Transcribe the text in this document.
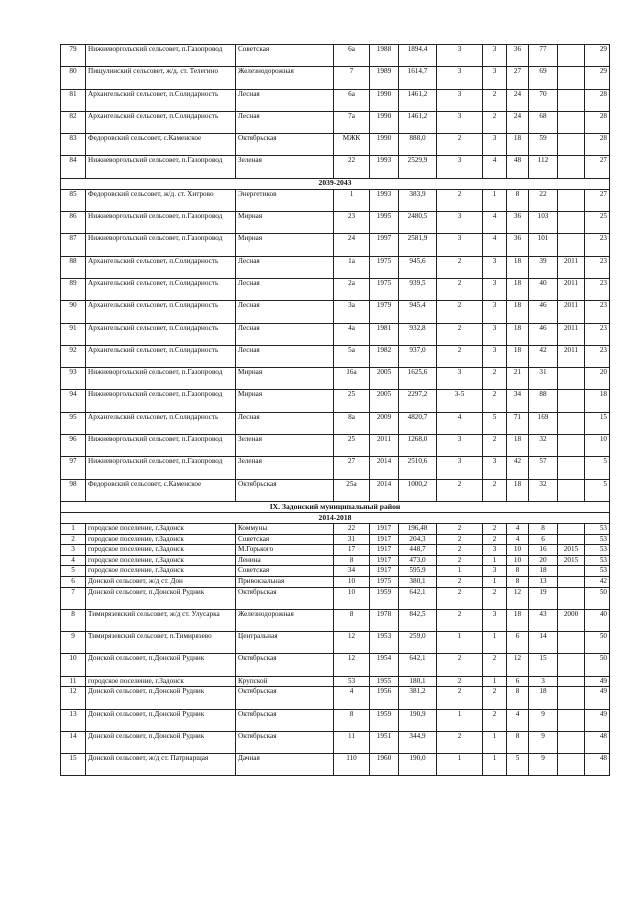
79	Нижневоргольский сельсовет, п.Газопровод	Советская	6а	1988	1894,4	3	3	36	77		29
80	Пищулинский сельсовет, ж/д. ст. Телегино	Железнодорожная	7	1989	1614,7	3	3	27	69		29
81	Архангельский сельсовет, п.Солидарность	Лесная	6а	1990	1461,2	3	2	24	70		28
82	Архангельский сельсовет, п.Солидарность	Лесная	7а	1990	1461,2	3	2	24	68		28
83	Федоровский сельсовет, с.Каменское	Октябрьская	МЖК	1990	888,0	2	3	18	59		28
84	Нижневоргольский сельсовет, п.Газопровод	Зеленая	22	1993	2529,9	3	4	48	112		27
2039-2043											
85	Федоровский сельсовет, ж/д. ст. Хитрово	Энергетиков	1	1993	383,9	2	1	8	22		27
86	Нижневоргольский сельсовет, п.Газопровод	Мирная	23	1995	2480,5	3	4	36	103		25
87	Нижневоргольский сельсовет, п.Газопровод	Мирная	24	1997	2581,9	3	4	36	101		23
88	Архангельский сельсовет, п.Солидарность	Лесная	1а	1975	945,6	2	3	18	39	2011	23
89	Архангельский сельсовет, п.Солидарность	Лесная	2а	1975	939,5	2	3	18	40	2011	23
90	Архангельский сельсовет, п.Солидарность	Лесная	3а	1979	945,4	2	3	18	46	2011	23
91	Архангельский сельсовет, п.Солидарность	Лесная	4а	1981	932,8	2	3	18	46	2011	23
92	Архангельский сельсовет, п.Солидарность	Лесная	5а	1982	937,0	2	3	18	42	2011	23
93	Нижневоргольский сельсовет, п.Газопровод	Мирная	16а	2005	1625,6	3	2	21	31		20
94	Нижневоргольский сельсовет, п.Газопровод	Мирная	25	2005	2297,2	3-5	2	34	88		18
95	Архангельский сельсовет, п.Солидарность	Лесная	8а	2009	4820,7	4	5	71	169		15
96	Нижневоргольский сельсовет, п.Газопровод	Зеленая	25	2011	1268,0	3	2	18	32		10
97	Нижневоргольский сельсовет, п.Газопровод	Зеленая	27	2014	2510,6	3	3	42	57		5
98	Федоровский сельсовет, с.Каменское	Октябрьская	25а	2014	1000,2	2	2	18	32		5
IX. Задонский муниципальный район											
2014-2018											
1	городское поселение, г.Задонск	Коммуны	22	1917	196,48	2	2	4	8		53
2	городское поселение, г.Задонск	Советская	31	1917	204,3	2	2	4	6		53
3	городское поселение, г.Задонск	М.Горького	17	1917	448,7	2	3	10	16	2015	53
4	городское поселение, г.Задонск	Ленина	8	1917	473,0	2	1	10	20	2015	53
5	городское поселение, г.Задонск	Советская	34	1917	595,9	1	3	8	18		53
6	Донской сельсовет, ж/д ст. Дон	Привокзальная	10	1975	380,1	2	1	8	13		42
7	Донской сельсовет, п.Донской Рудник	Октябрьская	10	1959	642,1	2	2	12	19		50
8	Тимирязевский сельсовет, ж/д ст. Улусарка	Железнодорожная	8	1978	842,5	2	3	18	43	2000	40
9	Тимирязевский сельсовет, п.Тимирязево	Центральная	12	1953	259,0	1	1	6	14		50
10	Донской сельсовет, п.Донской Рудник	Октябрьская	12	1954	642,1	2	2	12	15		50
11	городское поселение, г.Задонск	Крупской	53	1955	180,1	2	1	6	3		49
12	Донской сельсовет, п.Донской Рудник	Октябрьская	4	1956	381,2	2	2	8	18		49
13	Донской сельсовет, п.Донской Рудник	Октябрьская	8	1959	190,9	1	2	4	9		49
14	Донской сельсовет, п.Донской Рудник	Октябрьская	11	1951	344,9	2	1	8	9		48
15	Донской сельсовет, ж/д ст. Патриарщая	Дачная	110	1960	190,0	1	1	5	9		48
